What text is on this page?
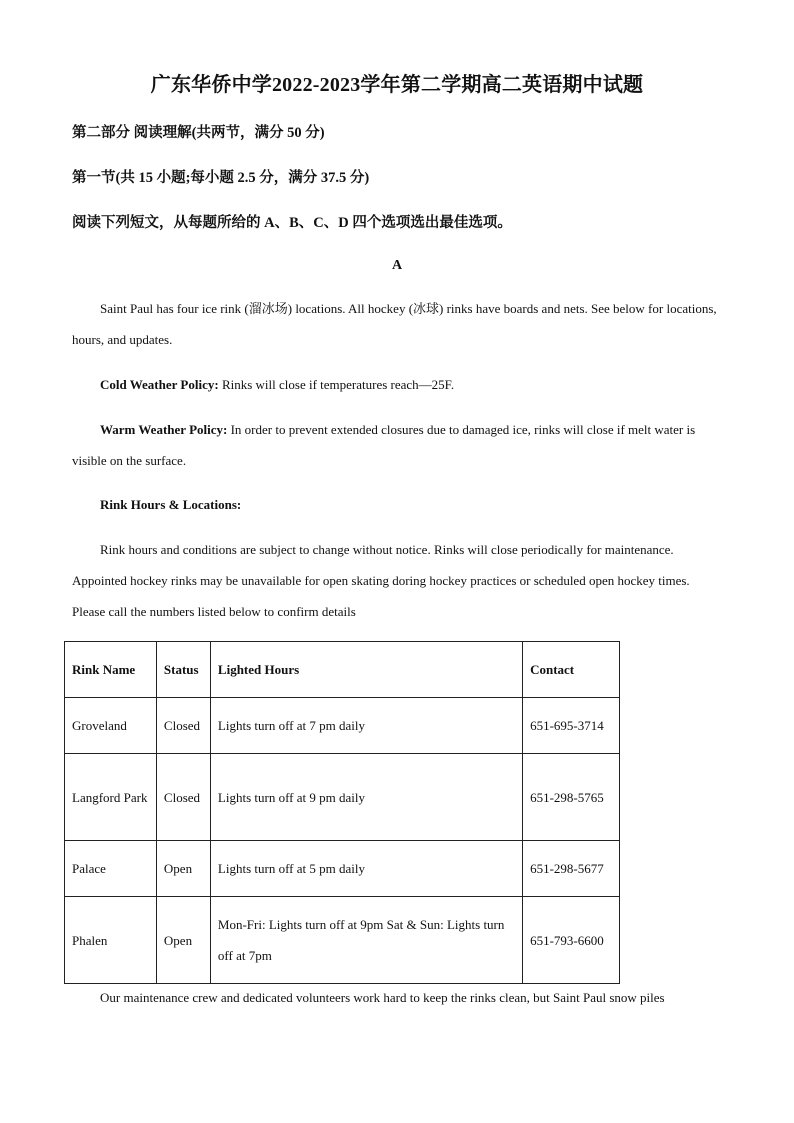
广东华侨中学2022-2023学年第二学期高二英语期中试题
第二部分 阅读理解(共两节，满分 50 分)
第一节(共 15 小题;每小题 2.5 分，满分 37.5 分)
阅读下列短文，从每题所给的 A、B、C、D 四个选项选出最佳选项。
A
Saint Paul has four ice rink (溜冰场) locations. All hockey (冰球) rinks have boards and nets. See below for locations, hours, and updates.
Cold Weather Policy: Rinks will close if temperatures reach—25F.
Warm Weather Policy: In order to prevent extended closures due to damaged ice, rinks will close if melt water is visible on the surface.
Rink Hours & Locations:
Rink hours and conditions are subject to change without notice. Rinks will close periodically for maintenance. Appointed hockey rinks may be unavailable for open skating doring hockey practices or scheduled open hockey times. Please call the numbers listed below to confirm details
Rink Name	Status	Lighted Hours	Contact
Groveland	Closed	Lights turn off at 7 pm daily	651-695-3714
Langford Park	Closed	Lights turn off at 9 pm daily	651-298-5765
Palace	Open	Lights turn off at 5 pm daily	651-298-5677
Phalen	Open	Mon-Fri: Lights turn off at 9pm Sat & Sun: Lights turn off at 7pm	651-793-6600
Our maintenance crew and dedicated volunteers work hard to keep the rinks clean, but Saint Paul snow piles
